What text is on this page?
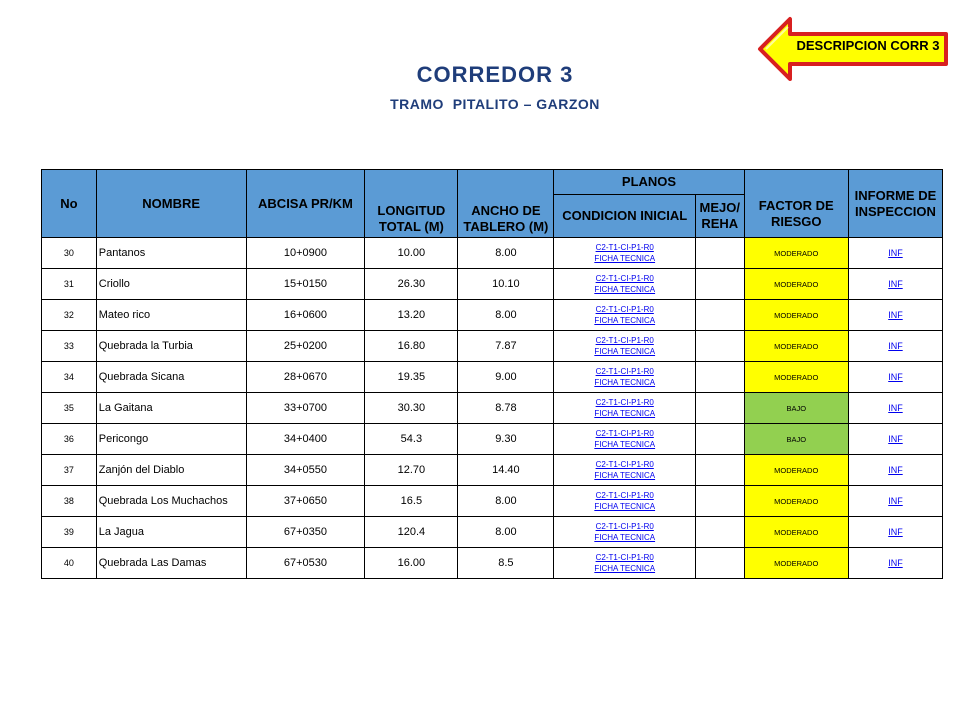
DESCRIPCION CORR 3
CORREDOR 3
TRAMO  PITALITO – GARZON
No	NOMBRE	ABCISA PR/KM	LONGITUD TOTAL (M)	ANCHO DE TABLERO (M)	PLANOS		FACTOR DE RIESGO	INFORME DE INSPECCION
					CONDICION INICIAL	MEJO/ REHA		

30	Pantanos	10+0900	10.00	8.00	C2-T1-CI-P1-R0
FICHA TECNICA		MODERADO	INF
31	Criollo	15+0150	26.30	10.10	C2-T1-CI-P1-R0
FICHA TECNICA		MODERADO	INF
32	Mateo rico	16+0600	13.20	8.00	C2-T1-CI-P1-R0
FICHA TECNICA		MODERADO	INF
33	Quebrada la Turbia	25+0200	16.80	7.87	C2-T1-CI-P1-R0
FICHA TECNICA		MODERADO	INF
34	Quebrada Sicana	28+0670	19.35	9.00	C2-T1-CI-P1-R0
FICHA TECNICA		MODERADO	INF
35	La Gaitana	33+0700	30.30	8.78	C2-T1-CI-P1-R0
FICHA TECNICA		BAJO	INF
36	Pericongo	34+0400	54.3	9.30	C2-T1-CI-P1-R0
FICHA TECNICA		BAJO	INF
37	Zanjón del Diablo	34+0550	12.70	14.40	C2-T1-CI-P1-R0
FICHA TECNICA		MODERADO	INF
38	Quebrada Los Muchachos	37+0650	16.5	8.00	C2-T1-CI-P1-R0
FICHA TECNICA		MODERADO	INF
39	La Jagua	67+0350	120.4	8.00	C2-T1-CI-P1-R0
FICHA TECNICA		MODERADO	INF
40	Quebrada Las Damas	67+0530	16.00	8.5	C2-T1-CI-P1-R0
FICHA TECNICA		MODERADO	INF
